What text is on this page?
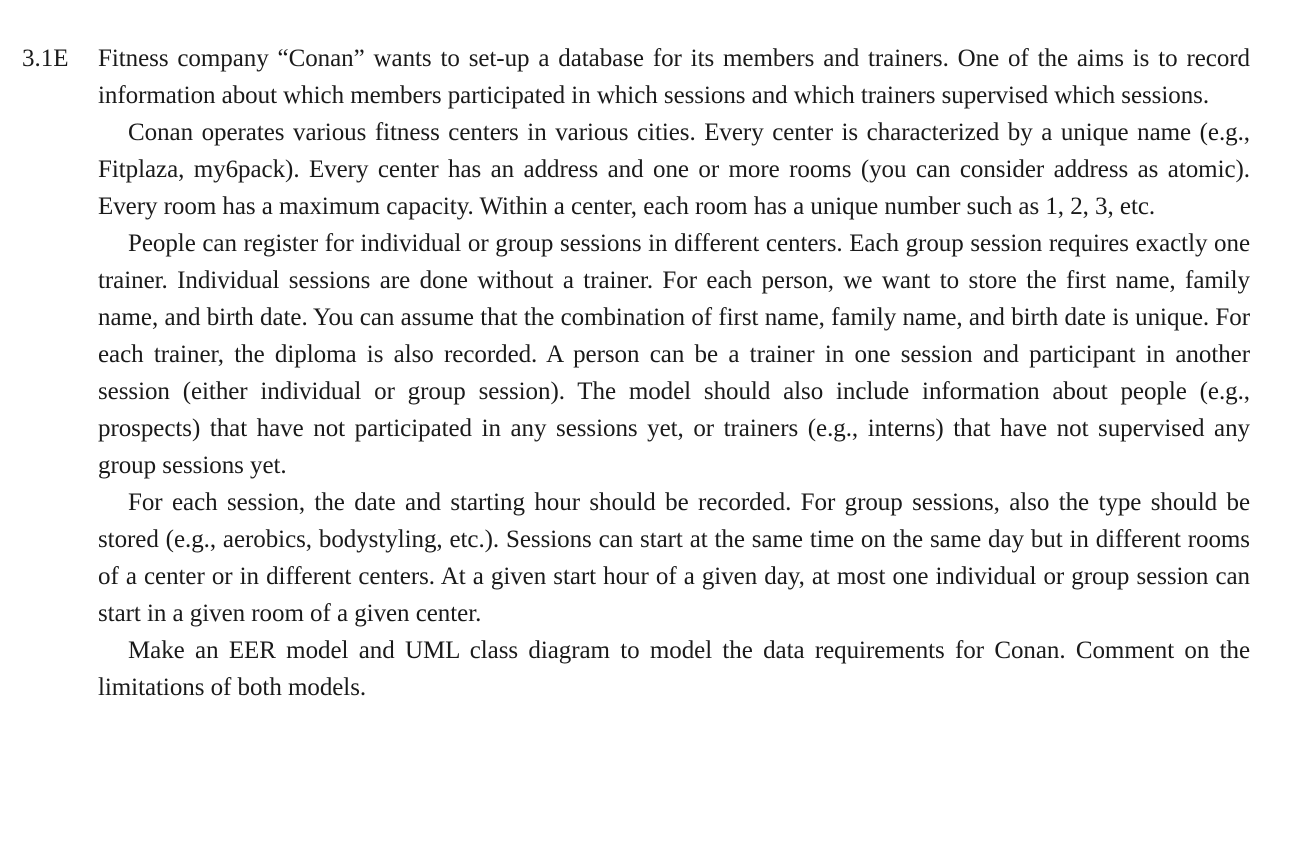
3.1E	Fitness company “Conan” wants to set-up a database for its members and trainers. One of the aims is to record information about which members participated in which sessions and which trainers supervised which sessions.

Conan operates various fitness centers in various cities. Every center is characterized by a unique name (e.g., Fitplaza, my6pack). Every center has an address and one or more rooms (you can consider address as atomic). Every room has a maximum capacity. Within a center, each room has a unique number such as 1, 2, 3, etc.

People can register for individual or group sessions in different centers. Each group session requires exactly one trainer. Individual sessions are done without a trainer. For each person, we want to store the first name, family name, and birth date. You can assume that the combination of first name, family name, and birth date is unique. For each trainer, the diploma is also recorded. A person can be a trainer in one session and participant in another session (either individual or group session). The model should also include information about people (e.g., prospects) that have not participated in any sessions yet, or trainers (e.g., interns) that have not supervised any group sessions yet.

For each session, the date and starting hour should be recorded. For group sessions, also the type should be stored (e.g., aerobics, bodystyling, etc.). Sessions can start at the same time on the same day but in different rooms of a center or in different centers. At a given start hour of a given day, at most one individual or group session can start in a given room of a given center.

Make an EER model and UML class diagram to model the data requirements for Conan. Comment on the limitations of both models.
